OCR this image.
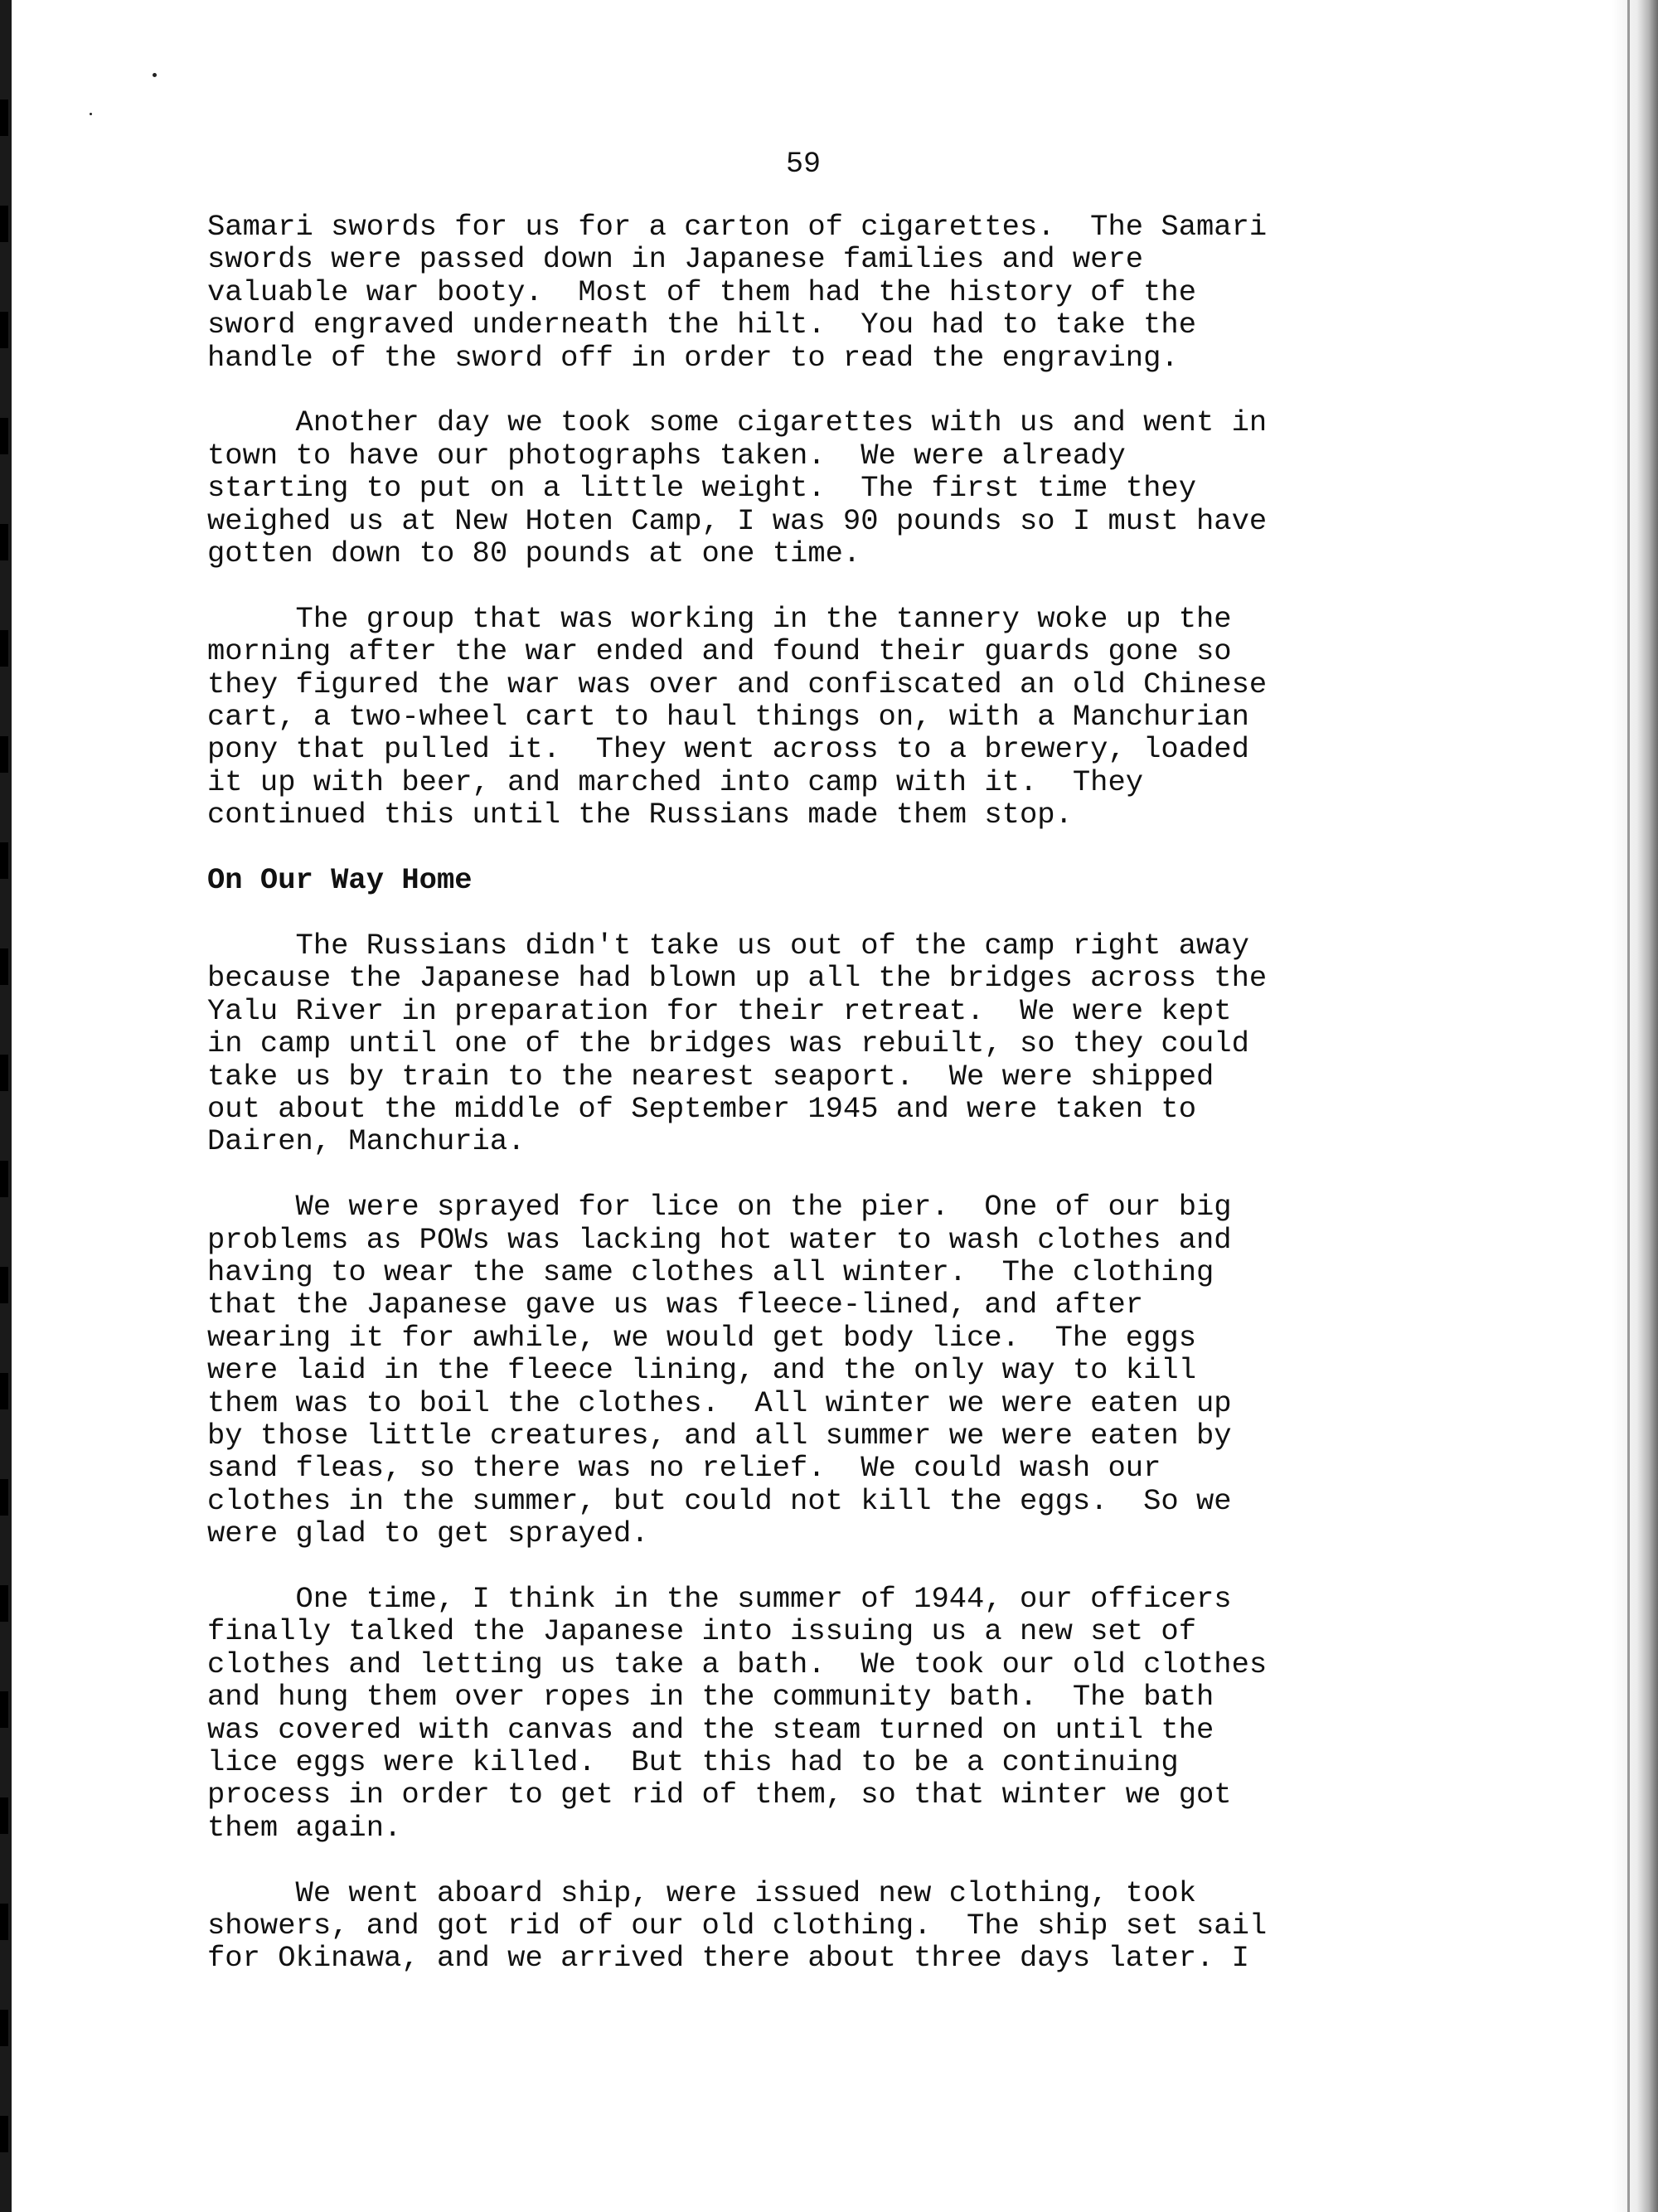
59
Samari swords for us for a carton of cigarettes.  The Samari
swords were passed down in Japanese families and were
valuable war booty.  Most of them had the history of the
sword engraved underneath the hilt.  You had to take the
handle of the sword off in order to read the engraving.
Another day we took some cigarettes with us and went in
town to have our photographs taken.  We were already
starting to put on a little weight.  The first time they
weighed us at New Hoten Camp, I was 90 pounds so I must have
gotten down to 80 pounds at one time.
The group that was working in the tannery woke up the
morning after the war ended and found their guards gone so
they figured the war was over and confiscated an old Chinese
cart, a two-wheel cart to haul things on, with a Manchurian
pony that pulled it.  They went across to a brewery, loaded
it up with beer, and marched into camp with it.  They
continued this until the Russians made them stop.
On Our Way Home
The Russians didn't take us out of the camp right away
because the Japanese had blown up all the bridges across the
Yalu River in preparation for their retreat.  We were kept
in camp until one of the bridges was rebuilt, so they could
take us by train to the nearest seaport.  We were shipped
out about the middle of September 1945 and were taken to
Dairen, Manchuria.
We were sprayed for lice on the pier.  One of our big
problems as POWs was lacking hot water to wash clothes and
having to wear the same clothes all winter.  The clothing
that the Japanese gave us was fleece-lined, and after
wearing it for awhile, we would get body lice.  The eggs
were laid in the fleece lining, and the only way to kill
them was to boil the clothes.  All winter we were eaten up
by those little creatures, and all summer we were eaten by
sand fleas, so there was no relief.  We could wash our
clothes in the summer, but could not kill the eggs.  So we
were glad to get sprayed.
One time, I think in the summer of 1944, our officers
finally talked the Japanese into issuing us a new set of
clothes and letting us take a bath.  We took our old clothes
and hung them over ropes in the community bath.  The bath
was covered with canvas and the steam turned on until the
lice eggs were killed.  But this had to be a continuing
process in order to get rid of them, so that winter we got
them again.
We went aboard ship, were issued new clothing, took
showers, and got rid of our old clothing.  The ship set sail
for Okinawa, and we arrived there about three days later. I
